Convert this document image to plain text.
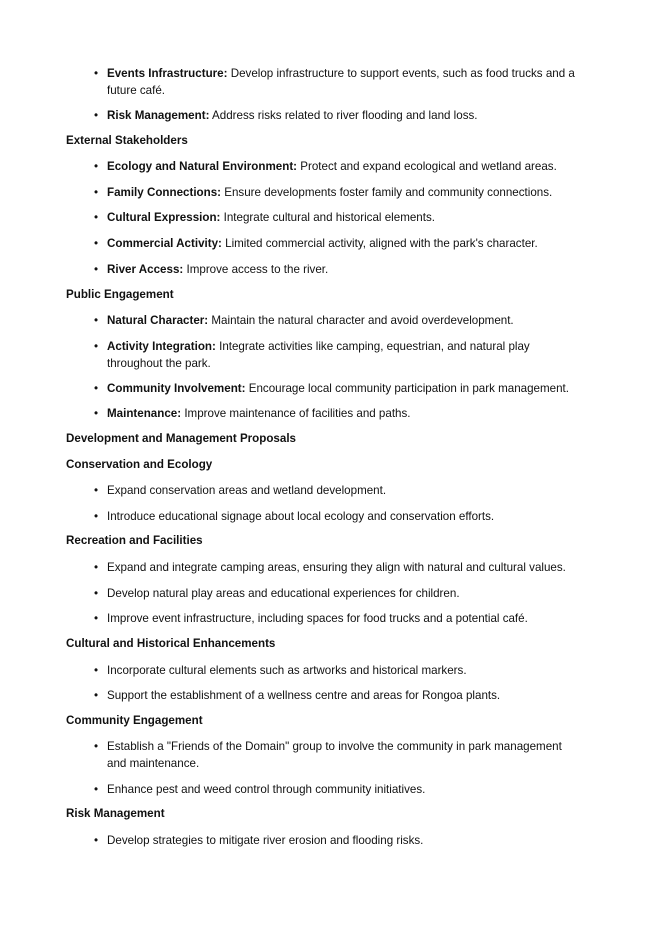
• Events Infrastructure: Develop infrastructure to support events, such as food trucks and a future café.
• Risk Management: Address risks related to river flooding and land loss.
External Stakeholders
• Ecology and Natural Environment: Protect and expand ecological and wetland areas.
• Family Connections: Ensure developments foster family and community connections.
• Cultural Expression: Integrate cultural and historical elements.
• Commercial Activity: Limited commercial activity, aligned with the park's character.
• River Access: Improve access to the river.
Public Engagement
• Natural Character: Maintain the natural character and avoid overdevelopment.
• Activity Integration: Integrate activities like camping, equestrian, and natural play throughout the park.
• Community Involvement: Encourage local community participation in park management.
• Maintenance: Improve maintenance of facilities and paths.
Development and Management Proposals
Conservation and Ecology
• Expand conservation areas and wetland development.
• Introduce educational signage about local ecology and conservation efforts.
Recreation and Facilities
• Expand and integrate camping areas, ensuring they align with natural and cultural values.
• Develop natural play areas and educational experiences for children.
• Improve event infrastructure, including spaces for food trucks and a potential café.
Cultural and Historical Enhancements
• Incorporate cultural elements such as artworks and historical markers.
• Support the establishment of a wellness centre and areas for Rongoa plants.
Community Engagement
• Establish a "Friends of the Domain" group to involve the community in park management and maintenance.
• Enhance pest and weed control through community initiatives.
Risk Management
• Develop strategies to mitigate river erosion and flooding risks.
